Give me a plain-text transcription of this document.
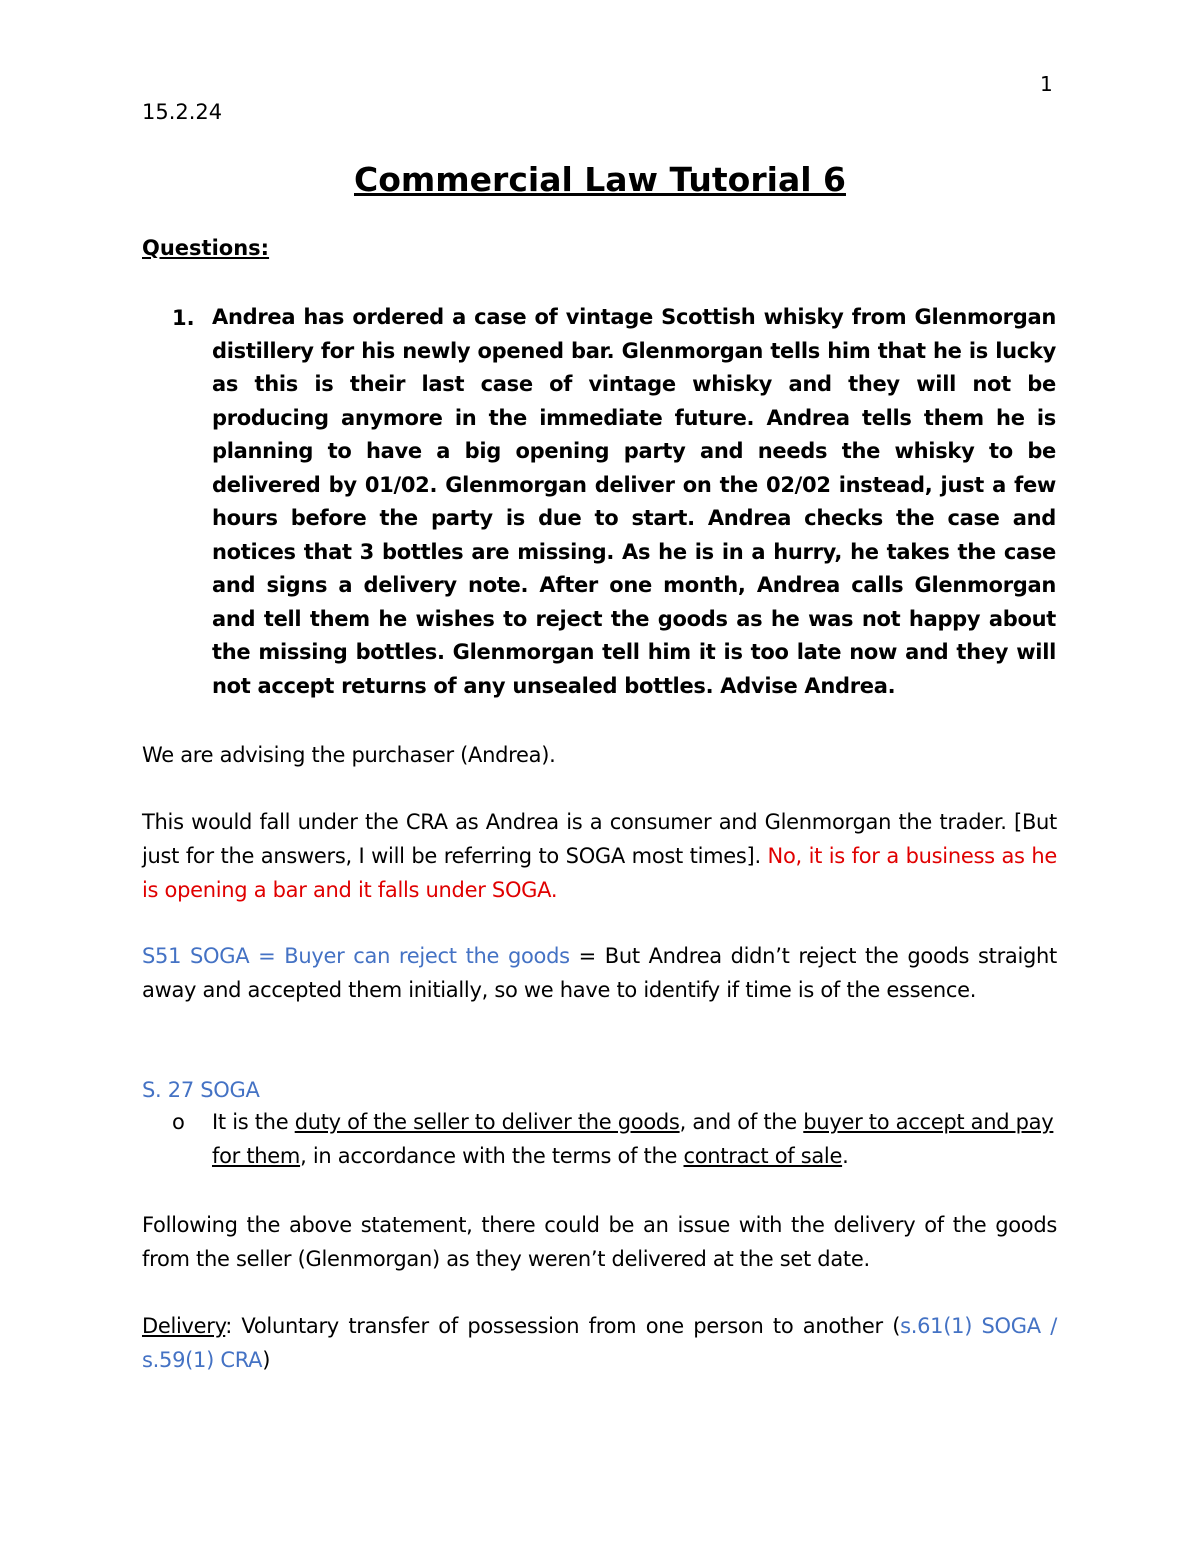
1
15.2.24
Commercial Law Tutorial 6
Questions:
1. Andrea has ordered a case of vintage Scottish whisky from Glenmorgan distillery for his newly opened bar. Glenmorgan tells him that he is lucky as this is their last case of vintage whisky and they will not be producing anymore in the immediate future. Andrea tells them he is planning to have a big opening party and needs the whisky to be delivered by 01/02. Glenmorgan deliver on the 02/02 instead, just a few hours before the party is due to start. Andrea checks the case and notices that 3 bottles are missing. As he is in a hurry, he takes the case and signs a delivery note. After one month, Andrea calls Glenmorgan and tell them he wishes to reject the goods as he was not happy about the missing bottles. Glenmorgan tell him it is too late now and they will not accept returns of any unsealed bottles. Advise Andrea.
We are advising the purchaser (Andrea).
This would fall under the CRA as Andrea is a consumer and Glenmorgan the trader. [But just for the answers, I will be referring to SOGA most times]. No, it is for a business as he is opening a bar and it falls under SOGA.
S51 SOGA = Buyer can reject the goods = But Andrea didn’t reject the goods straight away and accepted them initially, so we have to identify if time is of the essence.
S. 27 SOGA
o It is the duty of the seller to deliver the goods, and of the buyer to accept and pay for them, in accordance with the terms of the contract of sale.
Following the above statement, there could be an issue with the delivery of the goods from the seller (Glenmorgan) as they weren’t delivered at the set date.
Delivery: Voluntary transfer of possession from one person to another (s.61(1) SOGA / s.59(1) CRA)
